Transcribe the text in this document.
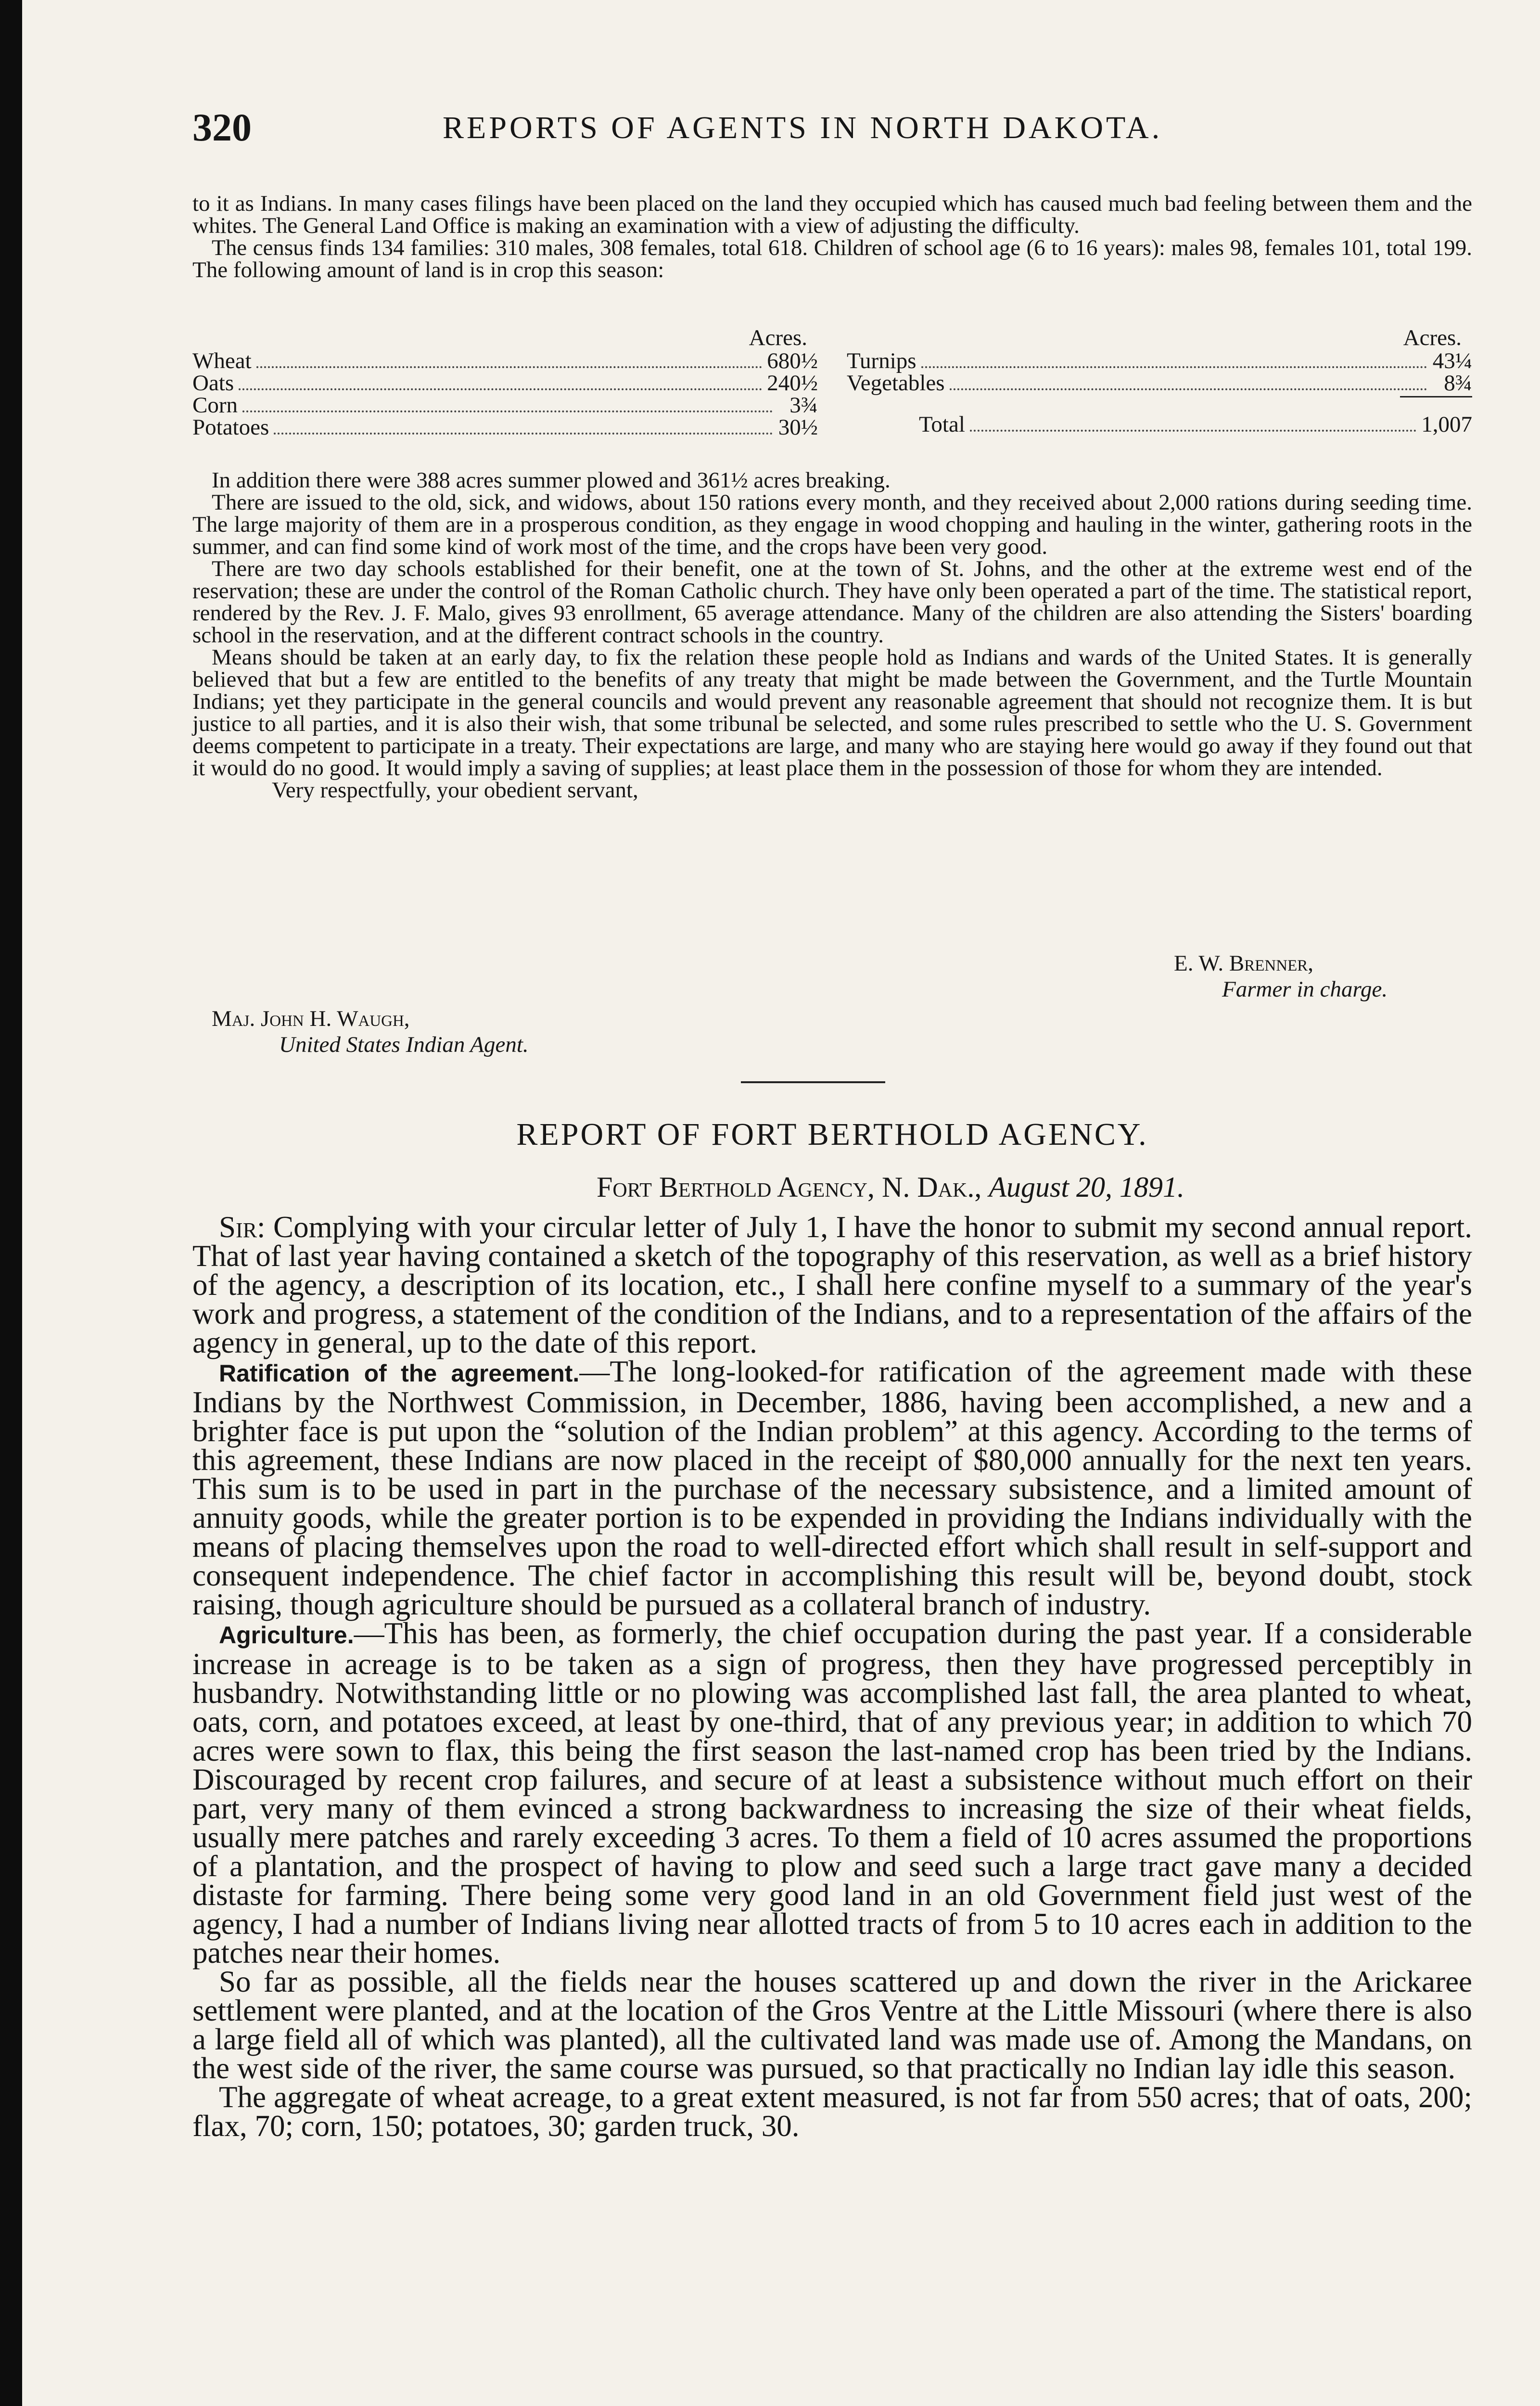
320	REPORTS OF AGENTS IN NORTH DAKOTA.

to it as Indians. In many cases filings have been placed on the land they occupied which has caused much bad feeling between them and the whites. The General Land Office is making an examination with a view of adjusting the difficulty.

The census finds 134 families: 310 males, 308 females, total 618. Children of school age (6 to 16 years): males 98, females 101, total 199. The following amount of land is in crop this season:

Acres.
Wheat	680½
Oats	240½
Corn	3¾
Potatoes	30½
Acres.
Turnips	43¼
Vegetables	8¾
Total	1,007

In addition there were 388 acres summer plowed and 361½ acres breaking.

There are issued to the old, sick, and widows, about 150 rations every month, and they received about 2,000 rations during seeding time. The large majority of them are in a prosperous condition, as they engage in wood chopping and hauling in the winter, gathering roots in the summer, and can find some kind of work most of the time, and the crops have been very good.

There are two day schools established for their benefit, one at the town of St. Johns, and the other at the extreme west end of the reservation; these are under the control of the Roman Catholic church. They have only been operated a part of the time. The statistical report, rendered by the Rev. J. F. Malo, gives 93 enrollment, 65 average attendance. Many of the children are also attending the Sisters' boarding school in the reservation, and at the different contract schools in the country.

Means should be taken at an early day, to fix the relation these people hold as Indians and wards of the United States. It is generally believed that but a few are entitled to the benefits of any treaty that might be made between the Government, and the Turtle Mountain Indians; yet they participate in the general councils and would prevent any reasonable agreement that should not recognize them. It is but justice to all parties, and it is also their wish, that some tribunal be selected, and some rules prescribed to settle who the U. S. Government deems competent to participate in a treaty. Their expectations are large, and many who are staying here would go away if they found out that it would do no good. It would imply a saving of supplies; at least place them in the possession of those for whom they are intended.

Very respectfully, your obedient servant,

E. W. Brenner,
Farmer in charge.
Maj. John H. Waugh,
United States Indian Agent.
REPORT OF FORT BERTHOLD AGENCY.
Fort Berthold Agency, N. Dak., August 20, 1891.

Sir: Complying with your circular letter of July 1, I have the honor to submit my second annual report. That of last year having contained a sketch of the topography of this reservation, as well as a brief history of the agency, a description of its location, etc., I shall here confine myself to a summary of the year's work and progress, a statement of the condition of the Indians, and to a representation of the affairs of the agency in general, up to the date of this report.

Ratification of the agreement.—The long-looked-for ratification of the agreement made with these Indians by the Northwest Commission, in December, 1886, having been accomplished, a new and a brighter face is put upon the “solution of the Indian problem” at this agency. According to the terms of this agreement, these Indians are now placed in the receipt of $80,000 annually for the next ten years. This sum is to be used in part in the purchase of the necessary subsistence, and a limited amount of annuity goods, while the greater portion is to be expended in providing the Indians individually with the means of placing themselves upon the road to well-directed effort which shall result in self-support and consequent independence. The chief factor in accomplishing this result will be, beyond doubt, stock raising, though agriculture should be pursued as a collateral branch of industry.

Agriculture.—This has been, as formerly, the chief occupation during the past year. If a considerable increase in acreage is to be taken as a sign of progress, then they have progressed perceptibly in husbandry. Notwithstanding little or no plowing was accomplished last fall, the area planted to wheat, oats, corn, and potatoes exceed, at least by one-third, that of any previous year; in addition to which 70 acres were sown to flax, this being the first season the last-named crop has been tried by the Indians. Discouraged by recent crop failures, and secure of at least a subsistence without much effort on their part, very many of them evinced a strong backwardness to increasing the size of their wheat fields, usually mere patches and rarely exceeding 3 acres. To them a field of 10 acres assumed the proportions of a plantation, and the prospect of having to plow and seed such a large tract gave many a decided distaste for farming. There being some very good land in an old Government field just west of the agency, I had a number of Indians living near allotted tracts of from 5 to 10 acres each in addition to the patches near their homes.

So far as possible, all the fields near the houses scattered up and down the river in the Arickaree settlement were planted, and at the location of the Gros Ventre at the Little Missouri (where there is also a large field all of which was planted), all the cultivated land was made use of. Among the Mandans, on the west side of the river, the same course was pursued, so that practically no Indian lay idle this season.

The aggregate of wheat acreage, to a great extent measured, is not far from 550 acres; that of oats, 200; flax, 70; corn, 150; potatoes, 30; garden truck, 30.
